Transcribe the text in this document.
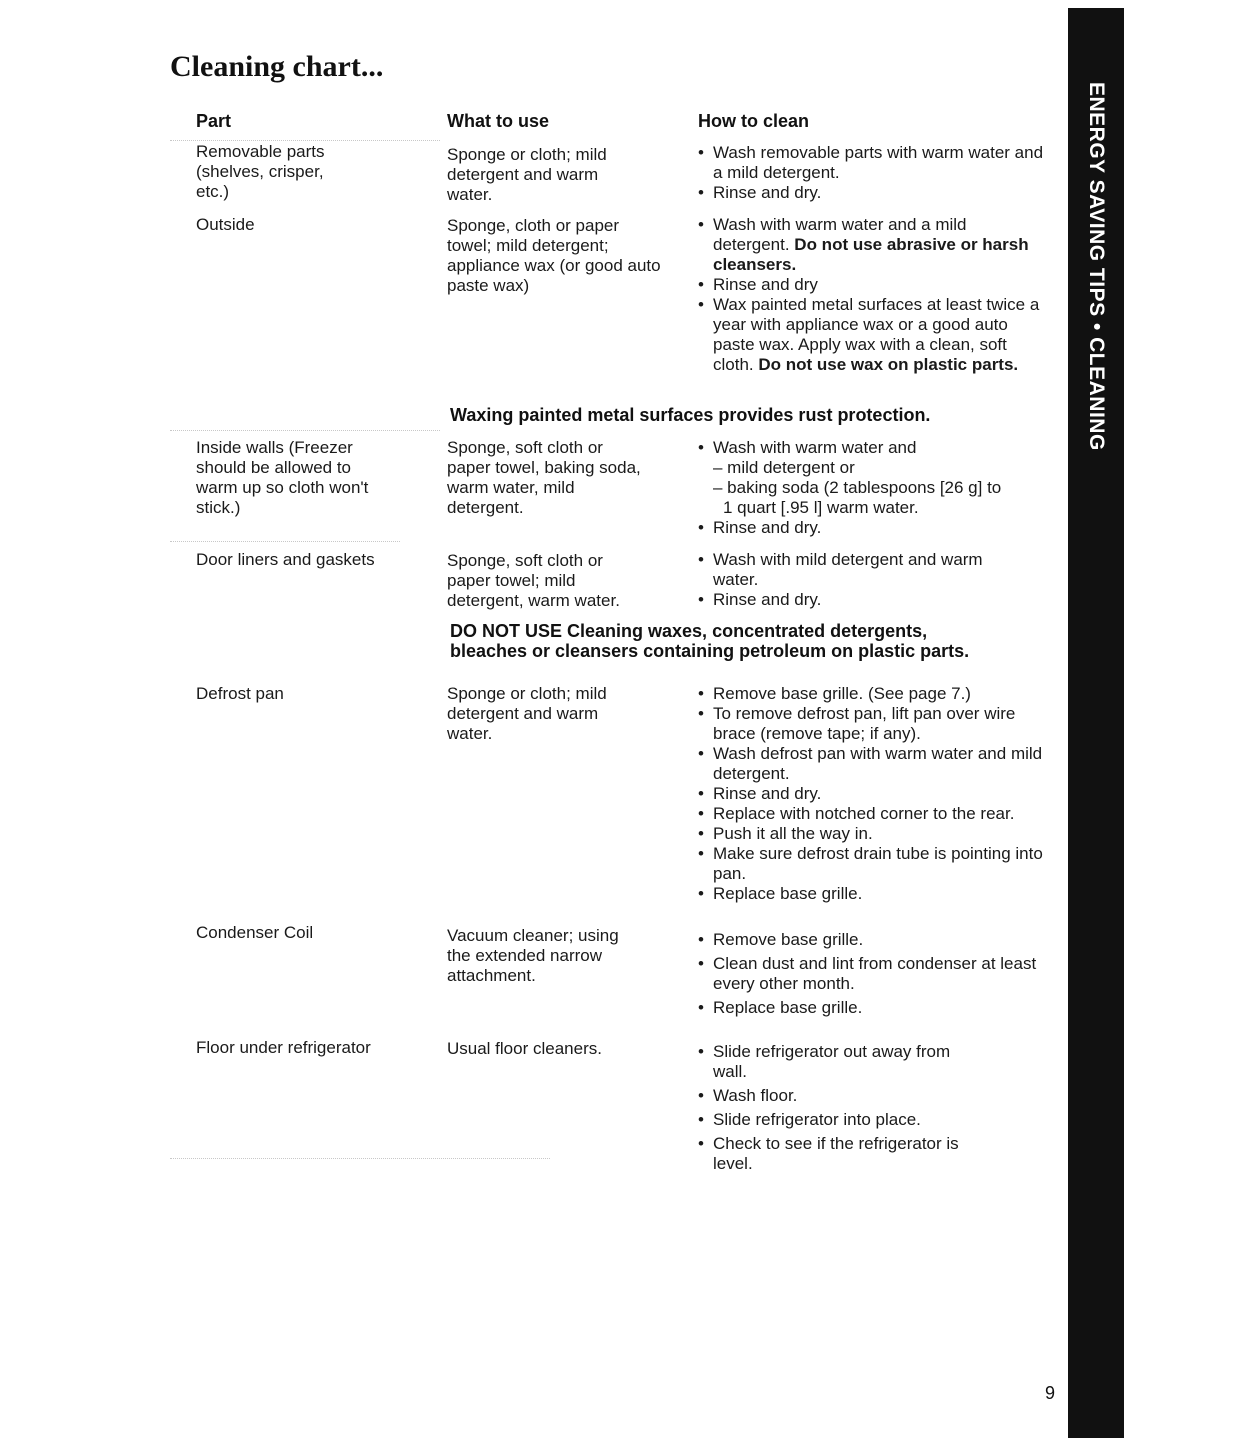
Cleaning chart...
Part	What to use	How to clean
Removable parts (shelves, crisper, etc.)
Sponge or cloth; mild detergent and warm water.
• Wash removable parts with warm water and a mild detergent.
• Rinse and dry.
Outside	Sponge, cloth or paper towel; mild detergent; appliance wax (or good auto paste wax)
• Wash with warm water and a mild detergent. Do not use abrasive or harsh cleansers.
• Rinse and dry
• Wax painted metal surfaces at least twice a year with appliance wax or a good auto paste wax. Apply wax with a clean, soft cloth. Do not use wax on plastic parts.
Waxing painted metal surfaces provides rust protection.
Inside walls (Freezer should be allowed to warm up so cloth won't stick.)
Sponge, soft cloth or paper towel, baking soda, warm water, mild detergent.
• Wash with warm water and
– mild detergent or
– baking soda (2 tablespoons [26 g] to
1 quart [.95 l] warm water.
• Rinse and dry.
Door liners and gaskets	Sponge, soft cloth or paper towel; mild detergent, warm water.
• Wash with mild detergent and warm water.
• Rinse and dry.
DO NOT USE Cleaning waxes, concentrated detergents,
bleaches or cleansers containing petroleum on plastic parts.
Defrost pan	Sponge or cloth; mild detergent and warm water.
• Remove base grille. (See page 7.)
• To remove defrost pan, lift pan over wire brace (remove tape; if any).
• Wash defrost pan with warm water and mild detergent.
• Rinse and dry.
• Replace with notched corner to the rear.
• Push it all the way in.
• Make sure defrost drain tube is pointing into pan.
• Replace base grille.
Condenser Coil	Vacuum cleaner; using the extended narrow attachment.
• Remove base grille.
• Clean dust and lint from condenser at least every other month.
• Replace base grille.
Floor under refrigerator	Usual floor cleaners.
•	Slide refrigerator out away from wall.
• Wash floor.
• Slide refrigerator into place.
• Check to see if the refrigerator is level.
ENERGY SAVING TIPS • CLEANING
9
